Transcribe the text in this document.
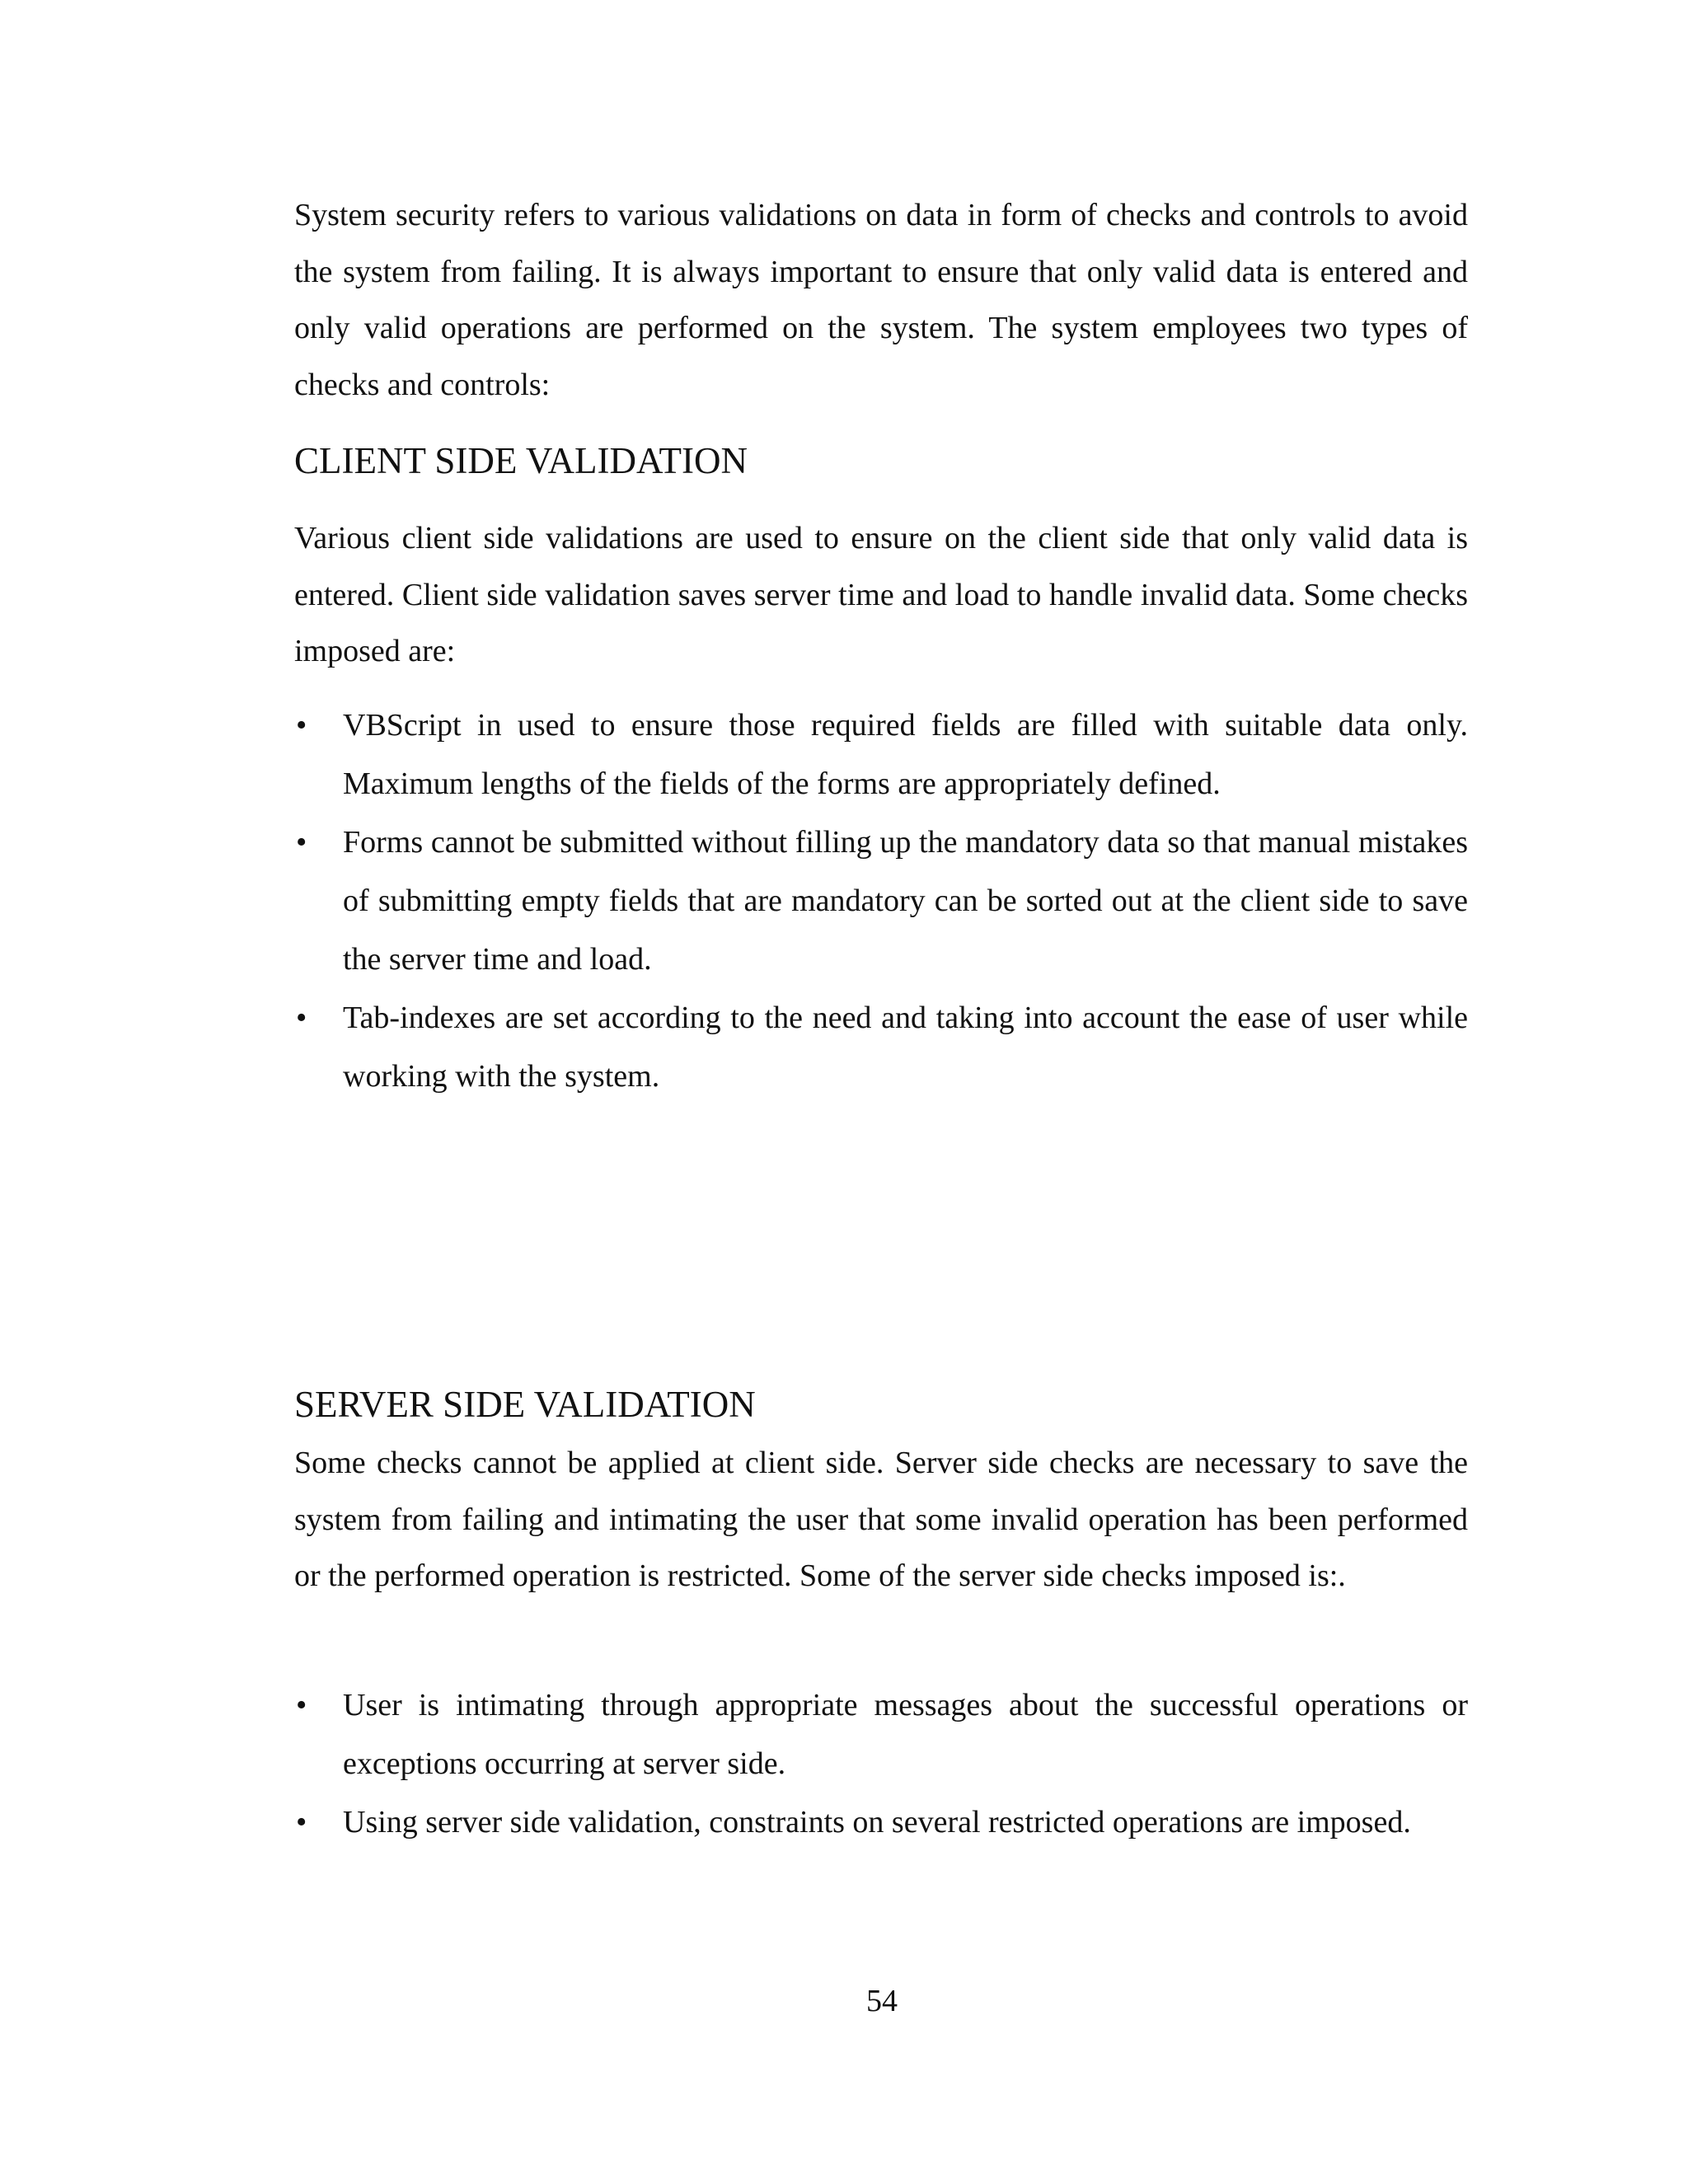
System security refers to various validations on data in form of checks and controls to avoid the system from failing. It is always important to ensure that only valid data is entered and only valid operations are performed on the system. The system employees two types of checks and controls:

CLIENT SIDE VALIDATION

Various client side validations are used to ensure on the client side that only valid data is entered. Client side validation saves server time and load to handle invalid data. Some checks imposed are:

• VBScript in used to ensure those required fields are filled with suitable data only. Maximum lengths of the fields of the forms are appropriately defined.
• Forms cannot be submitted without filling up the mandatory data so that manual mistakes of submitting empty fields that are mandatory can be sorted out at the client side to save the server time and load.
• Tab-indexes are set according to the need and taking into account the ease of user while working with the system.
SERVER SIDE VALIDATION

Some checks cannot be applied at client side. Server side checks are necessary to save the system from failing and intimating the user that some invalid operation has been performed or the performed operation is restricted. Some of the server side checks imposed is:.

• User is intimating through appropriate messages about the successful operations or exceptions occurring at server side.
• Using server side validation, constraints on several restricted operations are imposed.

54
